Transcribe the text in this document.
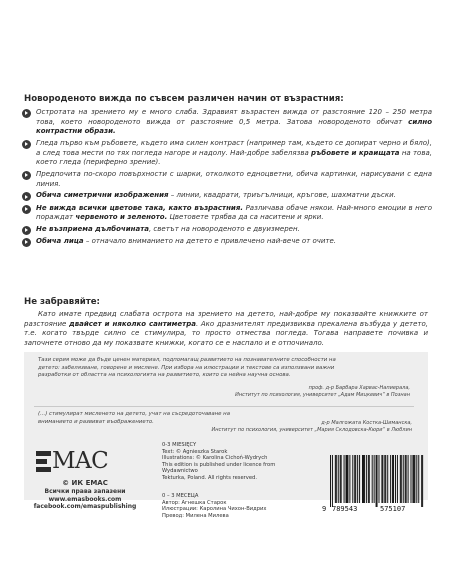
Новороденото вижда по съвсем различен начин от възрастния:
Остротата на зрението му е много слаба. Здравият възрастен вижда от разстояние 120 – 250 метра това, което новороденото вижда от разстояние 0,5 метра. Затова новороденото обичат силно контрастни образи.
Гледа първо към ръбовете, където има силен контраст (например там, където се допират черно и бяло), а след това мести по тях погледа нагоре и надолу. Най-добре забелязва ръбовете и краищата на това, което гледа (периферно зрение).
Предпочита по-скоро повърхности с шарки, отколкото едноцветни, обича картинки, нарисувани с една линия.
Обича симетрични изображения – линии, квадрати, триъгълници, кръгове, шахматни дъски.
Не вижда всички цветове така, както възрастния. Различава обаче някои. Най-много емоции в него пораждат червеното и зеленото. Цветовете трябва да са наситени и ярки.
Не възприема дълбочината, светът на новороденото е двуизмерен.
Обича лица – отначало вниманието на детето е привлечено най-вече от очите.
Не забравяйте:
Като имате предвид слабата острота на зрението на детето, най-добре му показвайте книжките от разстояние двайсет и няколко сантиметра. Ако дразнителят предизвиква прекалена възбуда у детето, т.е. когато твърде силно се стимулира, то просто отмества погледа. Тогава направете почивка и започнете отново да му показвате книжки, когато се е наспало и е отпочинало.
Тази серия може да бъде ценен материал, подпомагащ развитието на познавателните способности на детето: забелязване, говорене и мислене. При избора на илюстрации и текстове са използвани важни разработки от областта на психологията на развитието, които са нейна научна основа.
проф. д-р Барбара Харвас-Напиерала,
Институт по психология, университет „Адам Мицкевич“ в Познан
(...) стимулират мисленето на детето, учат на съсредоточаване на вниманието и развиват въображението.	д-р Малгожата Костка-Шиманска,
Институт по психология, университет „Мария Склодовска-Кюри“ в Люблин
MAC
© ИК ЕМАС
Всички права запазени
www.emasbooks.com
facebook.com/emaspublishing
0-3 MIESIĘCY
Text: © Agnieszka Starok
Illustrations: © Karolina Cichoń-Wydrych
This edition is published under licence from Wydawnictwo
Tekturka, Poland. All rights reserved.
0 – 3 МЕСЕЦА
Автор: Агнешка Старок
Илюстрации: Каролина Чихон-Видрих
Превод: Милена Милева
9 789543	575107
